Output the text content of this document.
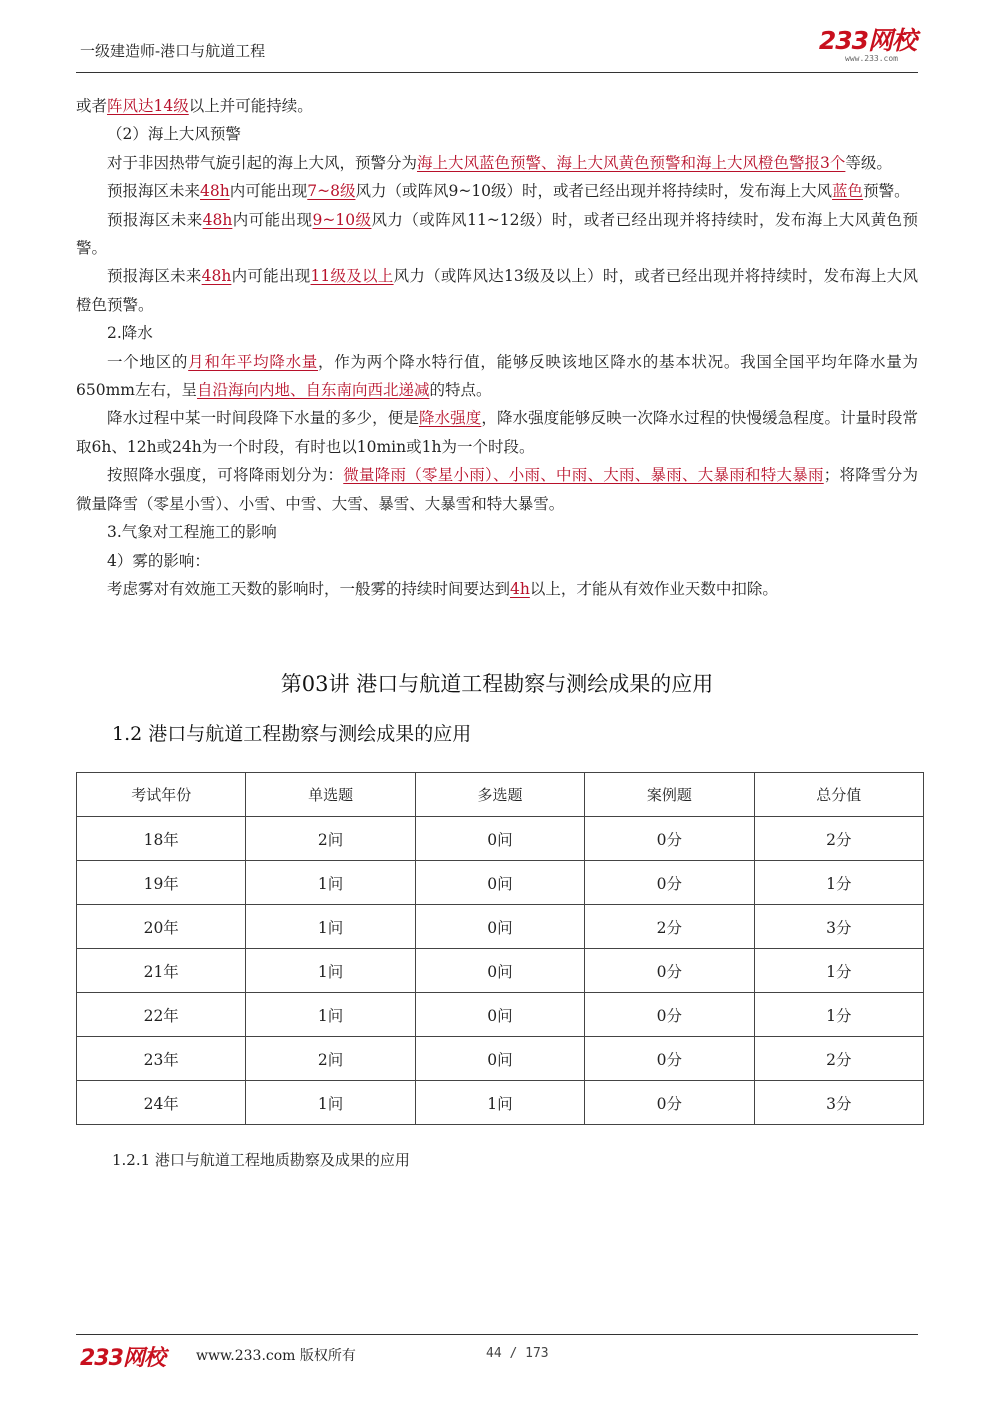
一级建造师-港口与航道工程	233网校
www.233.com

或者阵风达14级以上并可能持续。

（2）海上大风预警

对于非因热带气旋引起的海上大风，预警分为海上大风蓝色预警、海上大风黄色预警和海上大风橙色警报3个等级。

预报海区未来48h内可能出现7~8级风力（或阵风9~10级）时，或者已经出现并将持续时，发布海上大风蓝色预警。

预报海区未来48h内可能出现9~10级风力（或阵风11~12级）时，或者已经出现并将持续时，发布海上大风黄色预警。

预报海区未来48h内可能出现11级及以上风力（或阵风达13级及以上）时，或者已经出现并将持续时，发布海上大风橙色预警。

2.降水

一个地区的月和年平均降水量，作为两个降水特行值，能够反映该地区降水的基本状况。我国全国平均年降水量为650mm左右，呈自沿海向内地、自东南向西北递减的特点。

降水过程中某一时间段降下水量的多少，便是降水强度，降水强度能够反映一次降水过程的快慢缓急程度。计量时段常取6h、12h或24h为一个时段，有时也以10min或1h为一个时段。

按照降水强度，可将降雨划分为：微量降雨（零星小雨）、小雨、中雨、大雨、暴雨、大暴雨和特大暴雨；将降雪分为微量降雪（零星小雪）、小雪、中雪、大雪、暴雪、大暴雪和特大暴雪。

3.气象对工程施工的影响

4）雾的影响：

考虑雾对有效施工天数的影响时，一般雾的持续时间要达到4h以上，才能从有效作业天数中扣除。

第03讲 港口与航道工程勘察与测绘成果的应用
1.2 港口与航道工程勘察与测绘成果的应用
考试年份	单选题	多选题	案例题	总分值
18年	2问	0问	0分	2分
19年	1问	0问	0分	1分
20年	1问	0问	2分	3分
21年	1问	0问	0分	1分
22年	1问	0问	0分	1分
23年	2问	0问	0分	2分
24年	1问	1问	0分	3分
1.2.1 港口与航道工程地质勘察及成果的应用
233网校 www.233.com 版权所有	44 / 173
